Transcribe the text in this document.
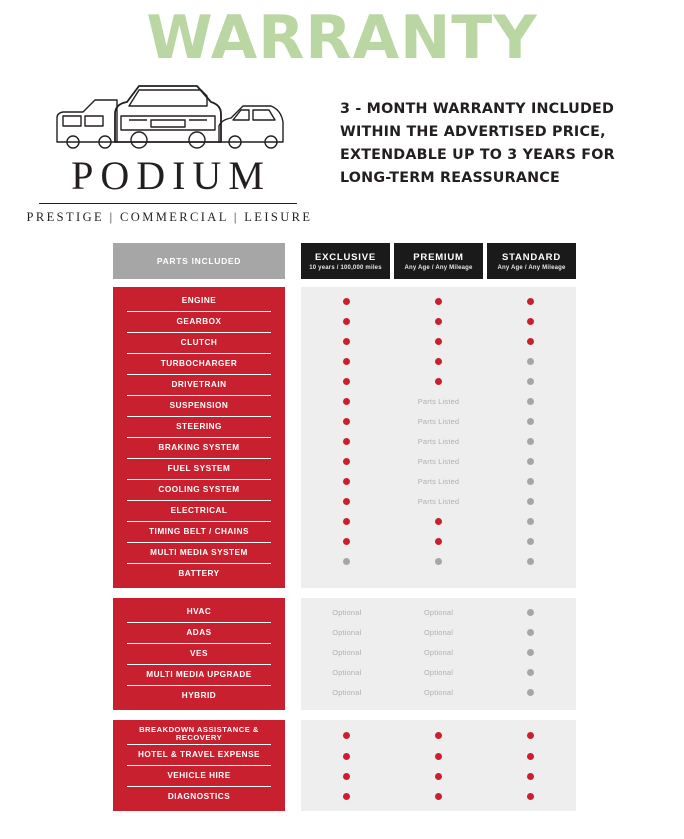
WARRANTY
PODIUM
PRESTIGE | COMMERCIAL | LEISURE
3 - MONTH WARRANTY INCLUDED WITHIN THE ADVERTISED PRICE, EXTENDABLE UP TO 3 YEARS FOR LONG-TERM REASSURANCE
PARTS INCLUDED	EXCLUSIVE
10 years / 100,000 miles
PREMIUM
Any Age / Any Mileage
STANDARD
Any Age / Any Mileage
ENGINE
GEARBOX
CLUTCH
TURBOCHARGER
DRIVETRAIN
SUSPENSION
STEERING
BRAKING SYSTEM
FUEL SYSTEM
COOLING SYSTEM
ELECTRICAL
TIMING BELT / CHAINS
MULTI MEDIA SYSTEM
BATTERY
Parts Listed
Parts Listed
Parts Listed
Parts Listed
Parts Listed
Parts Listed
HVAC
ADAS
VES
MULTI MEDIA UPGRADE
HYBRID
Optional
Optional
Optional
Optional
Optional
Optional
Optional
Optional
Optional
Optional
BREAKDOWN ASSISTANCE & RECOVERY
HOTEL & TRAVEL EXPENSE
VEHICLE HIRE
DIAGNOSTICS
